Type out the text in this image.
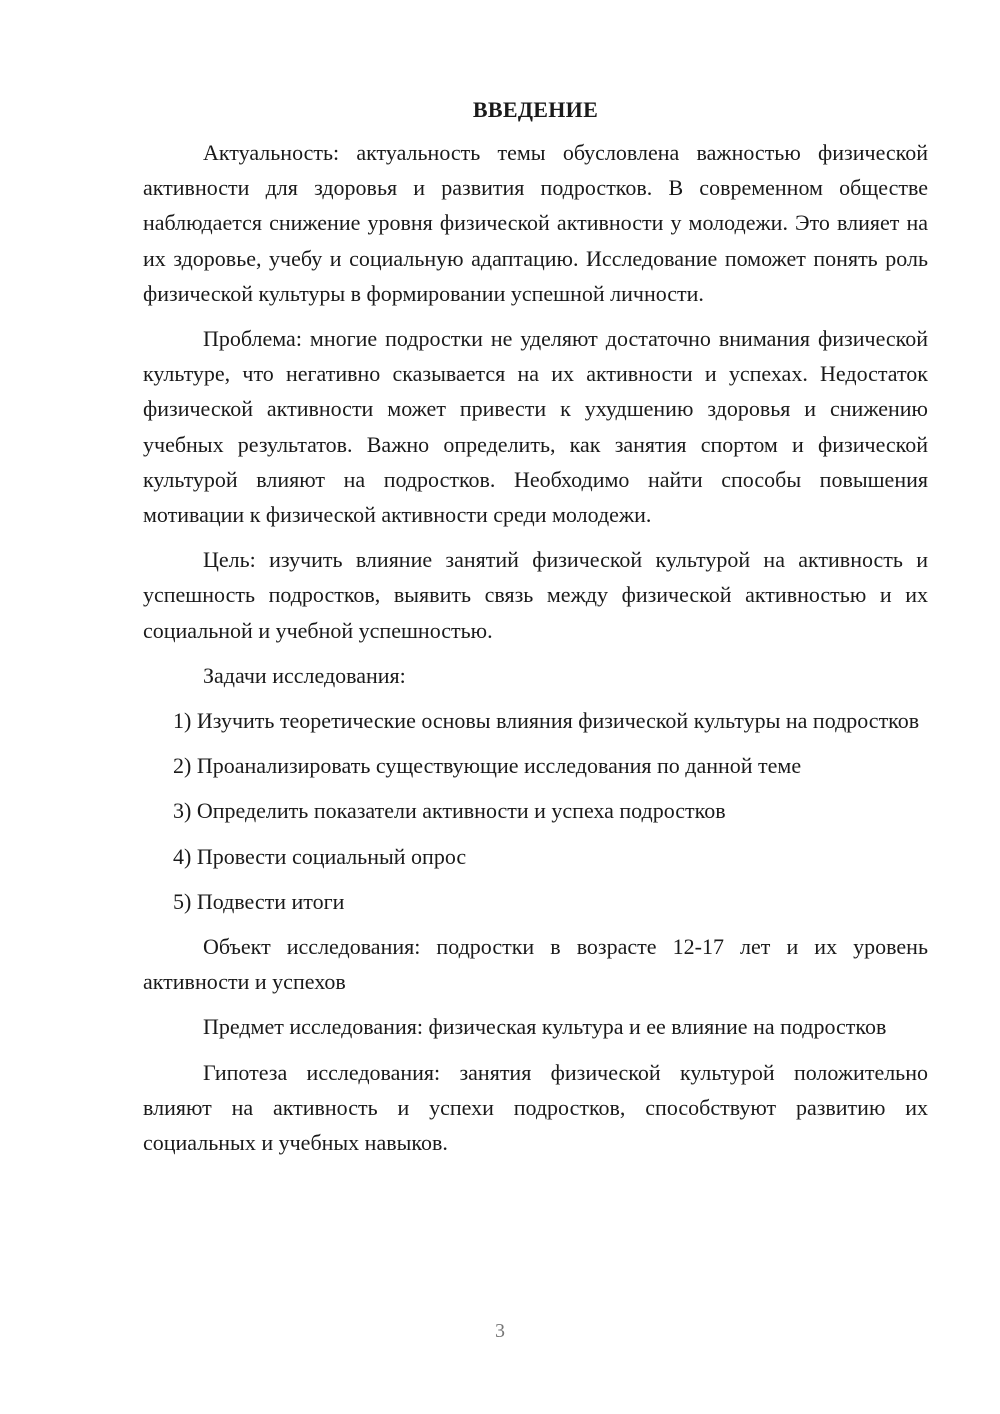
ВВЕДЕНИЕ

Актуальность: актуальность темы обусловлена важностью физической активности для здоровья и развития подростков. В современном обществе наблюдается снижение уровня физической активности у молодежи. Это влияет на их здоровье, учебу и социальную адаптацию. Исследование поможет понять роль физической культуры в формировании успешной личности.

Проблема: многие подростки не уделяют достаточно внимания физической культуре, что негативно сказывается на их активности и успехах. Недостаток физической активности может привести к ухудшению здоровья и снижению учебных результатов. Важно определить, как занятия спортом и физической культурой влияют на подростков. Необходимо найти способы повышения мотивации к физической активности среди молодежи.

Цель: изучить влияние занятий физической культурой на активность и успешность подростков, выявить связь между физической активностью и их социальной и учебной успешностью.

Задачи исследования:

1) Изучить теоретические основы влияния физической культуры на подростков

2) Проанализировать существующие исследования по данной теме

3) Определить показатели активности и успеха подростков

4) Провести социальный опрос

5) Подвести итоги

Объект исследования: подростки в возрасте 12-17 лет и их уровень активности и успехов

Предмет исследования: физическая культура и ее влияние на подростков

Гипотеза исследования: занятия физической культурой положительно влияют на активность и успехи подростков, способствуют развитию их социальных и учебных навыков.

3
